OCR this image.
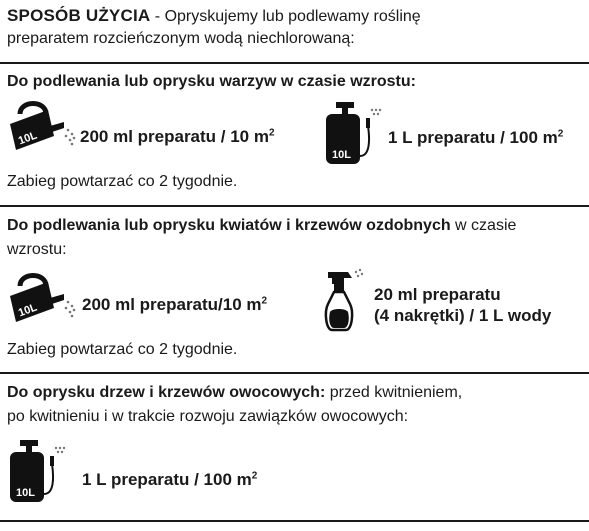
SPOSÓB UŻYCIA - Opryskujemy lub podlewamy roślinę
preparatem rozcieńczonym wodą niechlorowaną:
Do podlewania lub oprysku warzyw w czasie wzrostu:
10L 200 ml preparatu / 10 $m^2$
10L
1 L preparatu / 100 $m^2$
Zabieg powtarzać co 2 tygodnie.
Do podlewania lub oprysku kwiatów i krzewów ozdobnych w czasie
wzrostu:
10L	200 ml preparatu/10 $m^2$	20 ml preparatu
(4 nakrętki) / 1 L wody
Zabieg powtarzać co 2 tygodnie.
Do oprysku drzew i krzewów owocowych: przed kwitnieniem,
po kwitnieniu i w trakcie rozwoju zawiązków owocowych:
10L
1 L preparatu / 100 $m^2$
